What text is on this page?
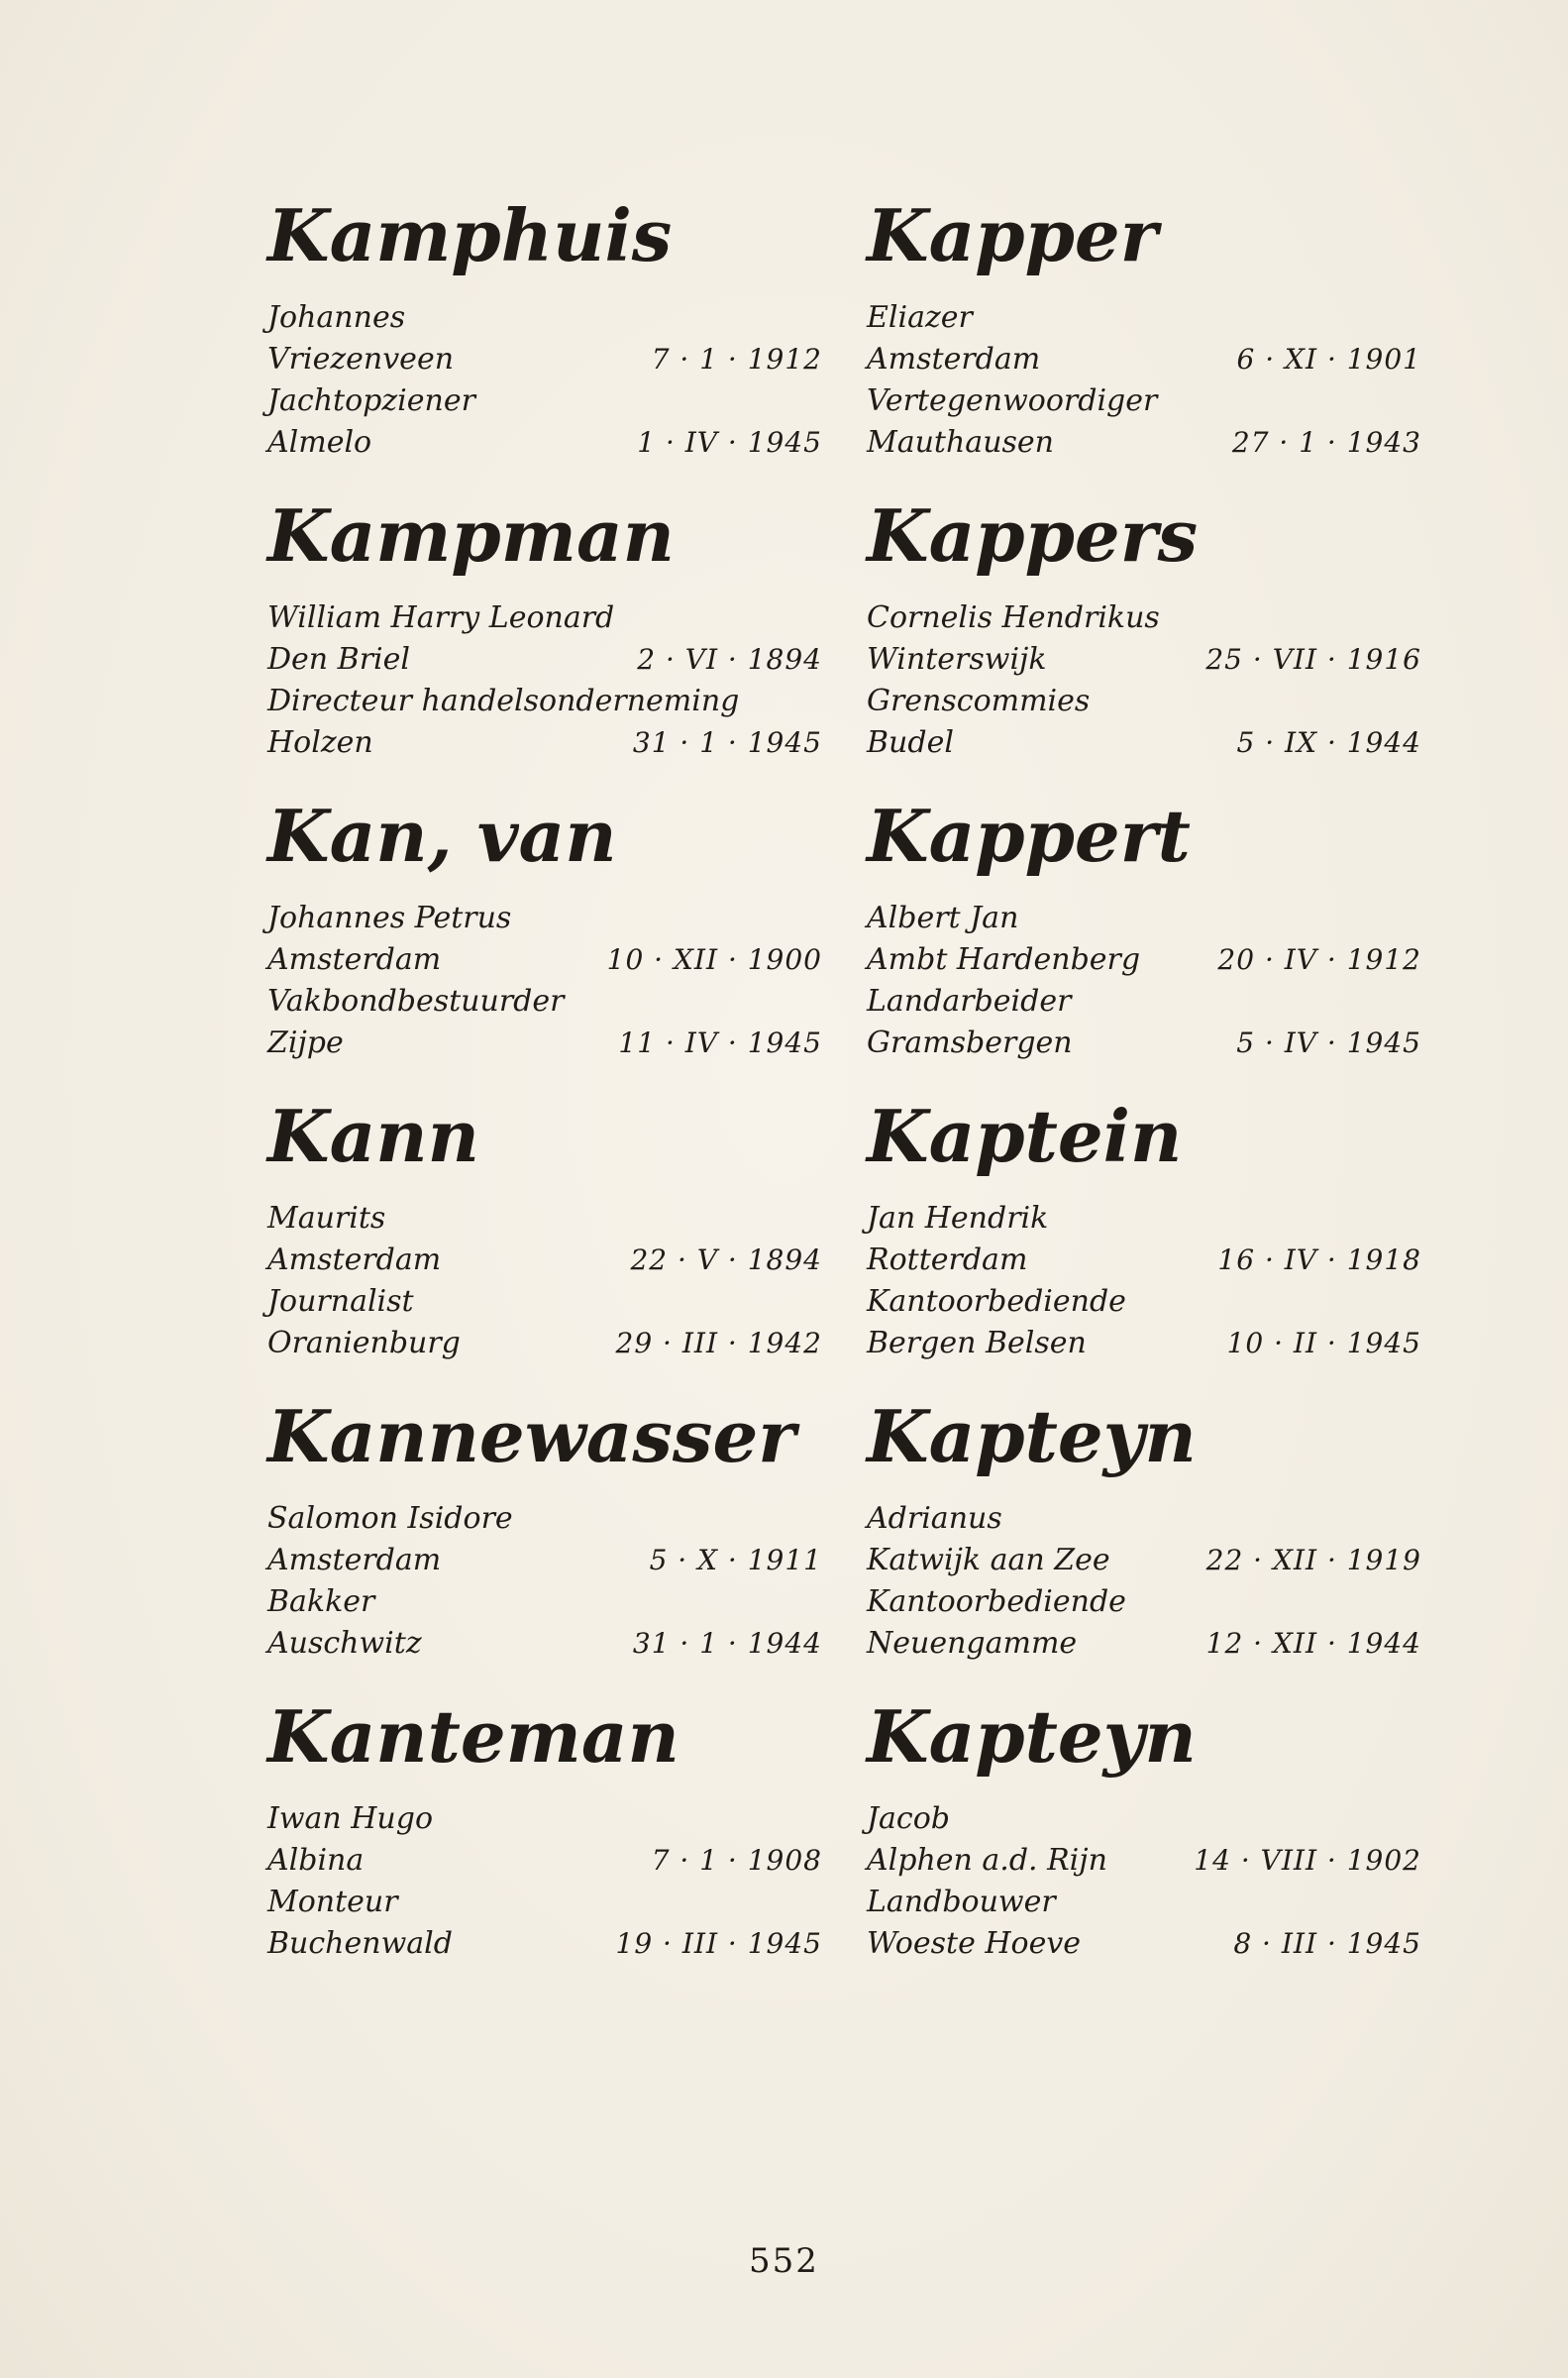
Kamphuis
Johannes
Vriezenveen	7 · 1 · 1912
Jachtopziener
Almelo	1 · IV · 1945
Kampman
William Harry Leonard
Den Briel	2 · VI · 1894
Directeur handelsonderneming
Holzen	31 · 1 · 1945
Kan, van
Johannes Petrus
Amsterdam	10 · XII · 1900
Vakbondbestuurder
Zijpe	11 · IV · 1945
Kann
Maurits
Amsterdam	22 · V · 1894
Journalist
Oranienburg	29 · III · 1942
Kannewasser
Salomon Isidore
Amsterdam	5 · X · 1911
Bakker
Auschwitz	31 · 1 · 1944
Kanteman
Iwan Hugo
Albina	7 · 1 · 1908
Monteur
Buchenwald	19 · III · 1945
Kapper
Eliazer
Amsterdam	6 · XI · 1901
Vertegenwoordiger
Mauthausen	27 · 1 · 1943
Kappers
Cornelis Hendrikus
Winterswijk	25 · VII · 1916
Grenscommies
Budel	5 · IX · 1944
Kappert
Albert Jan
Ambt Hardenberg	20 · IV · 1912
Landarbeider
Gramsbergen	5 · IV · 1945
Kaptein
Jan Hendrik
Rotterdam	16 · IV · 1918
Kantoorbediende
Bergen Belsen	10 · II · 1945
Kapteyn
Adrianus
Katwijk aan Zee	22 · XII · 1919
Kantoorbediende
Neuengamme	12 · XII · 1944
Kapteyn
Jacob
Alphen a.d. Rijn	14 · VIII · 1902
Landbouwer
Woeste Hoeve	8 · III · 1945
552
